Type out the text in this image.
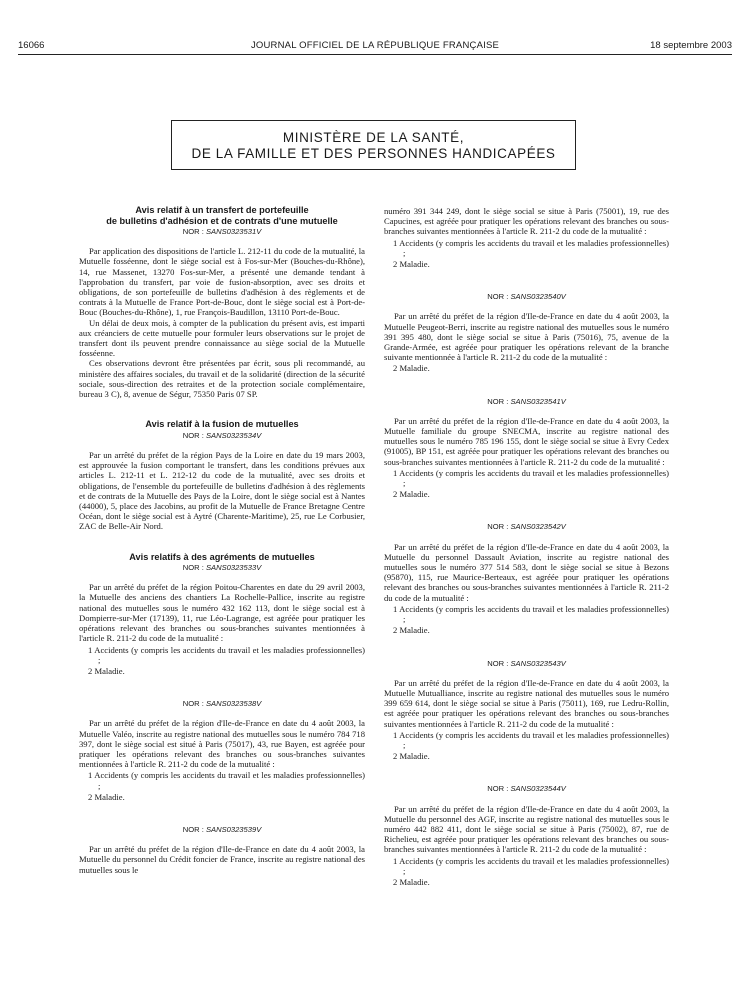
16066	JOURNAL OFFICIEL DE LA RÉPUBLIQUE FRANÇAISE	18 septembre 2003
MINISTÈRE DE LA SANTÉ,
DE LA FAMILLE ET DES PERSONNES HANDICAPÉES

Avis relatif à un transfert de portefeuille

de bulletins d'adhésion et de contrats d'une mutuelle

NOR : SANS0323531V

Par application des dispositions de l'article L. 212-11 du code de la mutualité, la Mutuelle fosséenne, dont le siège social est à Fos-sur-Mer (Bouches-du-Rhône), 14, rue Massenet, 13270 Fos-sur-Mer, a présenté une demande tendant à l'approbation du transfert, par voie de fusion-absorption, avec ses droits et obligations, de son portefeuille de bulletins d'adhésion à des règlements et de contrats à la Mutuelle de France Port-de-Bouc, dont le siège social est à Port-de-Bouc (Bouches-du-Rhône), 1, rue François-Baudillon, 13110 Port-de-Bouc.

Un délai de deux mois, à compter de la publication du présent avis, est imparti aux créanciers de cette mutuelle pour formuler leurs observations sur le projet de transfert dont ils peuvent prendre connaissance au siège social de la Mutuelle fosséenne.

Ces observations devront être présentées par écrit, sous pli recommandé, au ministère des affaires sociales, du travail et de la solidarité (direction de la sécurité sociale, sous-direction des retraites et de la protection sociale complémentaire, bureau 3 C), 8, avenue de Ségur, 75350 Paris 07 SP.

Avis relatif à la fusion de mutuelles

NOR : SANS0323534V

Par un arrêté du préfet de la région Pays de la Loire en date du 19 mars 2003, est approuvée la fusion comportant le transfert, dans les conditions prévues aux articles L. 212-11 et L. 212-12 du code de la mutualité, avec ses droits et obligations, de l'ensemble du portefeuille de bulletins d'adhésion à des règlements et de contrats de la Mutuelle des Pays de la Loire, dont le siège social est à Nantes (44000), 5, place des Jacobins, au profit de la Mutuelle de France Bretagne Centre Océan, dont le siège social est à Aytré (Charente-Maritime), 25, rue Le Corbusier, ZAC de Belle-Air Nord.

Avis relatifs à des agréments de mutuelles

NOR : SANS0323533V

Par un arrêté du préfet de la région Poitou-Charentes en date du 29 avril 2003, la Mutuelle des anciens des chantiers La Rochelle-Pallice, inscrite au registre national des mutuelles sous le numéro 432 162 113, dont le siège social est à Dompierre-sur-Mer (17139), 11, rue Léo-Lagrange, est agréée pour pratiquer les opérations relevant des branches ou sous-branches suivantes mentionnées à l'article R. 211-2 du code de la mutualité :

1 Accidents (y compris les accidents du travail et les maladies professionnelles) ;

2 Maladie.

NOR : SANS0323538V

Par un arrêté du préfet de la région d'Ile-de-France en date du 4 août 2003, la Mutuelle Valéo, inscrite au registre national des mutuelles sous le numéro 784 718 397, dont le siège social est situé à Paris (75017), 43, rue Bayen, est agréée pour pratiquer les opérations relevant des branches ou sous-branches suivantes mentionnées à l'article R. 211-2 du code de la mutualité :

1 Accidents (y compris les accidents du travail et les maladies professionnelles) ;

2 Maladie.

NOR : SANS0323539V

Par un arrêté du préfet de la région d'Ile-de-France en date du 4 août 2003, la Mutuelle du personnel du Crédit foncier de France, inscrite au registre national des mutuelles sous le

numéro 391 344 249, dont le siège social se situe à Paris (75001), 19, rue des Capucines, est agréée pour pratiquer les opérations relevant des branches ou sous-branches suivantes mentionnées à l'article R. 211-2 du code de la mutualité :

1 Accidents (y compris les accidents du travail et les maladies professionnelles) ;

2 Maladie.

NOR : SANS0323540V

Par un arrêté du préfet de la région d'Ile-de-France en date du 4 août 2003, la Mutuelle Peugeot-Berri, inscrite au registre national des mutuelles sous le numéro 391 395 480, dont le siège social se situe à Paris (75016), 75, avenue de la Grande-Armée, est agréée pour pratiquer les opérations relevant de la branche suivante mentionnée à l'article R. 211-2 du code de la mutualité :

2 Maladie.

NOR : SANS0323541V

Par un arrêté du préfet de la région d'Ile-de-France en date du 4 août 2003, la Mutuelle familiale du groupe SNECMA, inscrite au registre national des mutuelles sous le numéro 785 196 155, dont le siège social se situe à Evry Cedex (91005), BP 151, est agréée pour pratiquer les opérations relevant des branches ou sous-branches suivantes mentionnées à l'article R. 211-2 du code de la mutualité :

1 Accidents (y compris les accidents du travail et les maladies professionnelles) ;

2 Maladie.

NOR : SANS0323542V

Par un arrêté du préfet de la région d'Ile-de-France en date du 4 août 2003, la Mutuelle du personnel Dassault Aviation, inscrite au registre national des mutuelles sous le numéro 377 514 583, dont le siège social se situe à Bezons (95870), 115, rue Maurice-Berteaux, est agréée pour pratiquer les opérations relevant des branches ou sous-branches suivantes mentionnées à l'article R. 211-2 du code de la mutualité :

1 Accidents (y compris les accidents du travail et les maladies professionnelles) ;

2 Maladie.

NOR : SANS0323543V

Par un arrêté du préfet de la région d'Ile-de-France en date du 4 août 2003, la Mutuelle Mutualliance, inscrite au registre national des mutuelles sous le numéro 399 659 614, dont le siège social se situe à Paris (75011), 169, rue Ledru-Rollin, est agréée pour pratiquer les opérations relevant des branches ou sous-branches suivantes mentionnées à l'article R. 211-2 du code de la mutualité :

1 Accidents (y compris les accidents du travail et les maladies professionnelles) ;

2 Maladie.

NOR : SANS0323544V

Par un arrêté du préfet de la région d'Ile-de-France en date du 4 août 2003, la Mutuelle du personnel des AGF, inscrite au registre national des mutuelles sous le numéro 442 882 411, dont le siège social se situe à Paris (75002), 87, rue de Richelieu, est agréée pour pratiquer les opérations relevant des branches ou sous-branches suivantes mentionnées à l'article R. 211-2 du code de la mutualité :

1 Accidents (y compris les accidents du travail et les maladies professionnelles) ;

2 Maladie.
